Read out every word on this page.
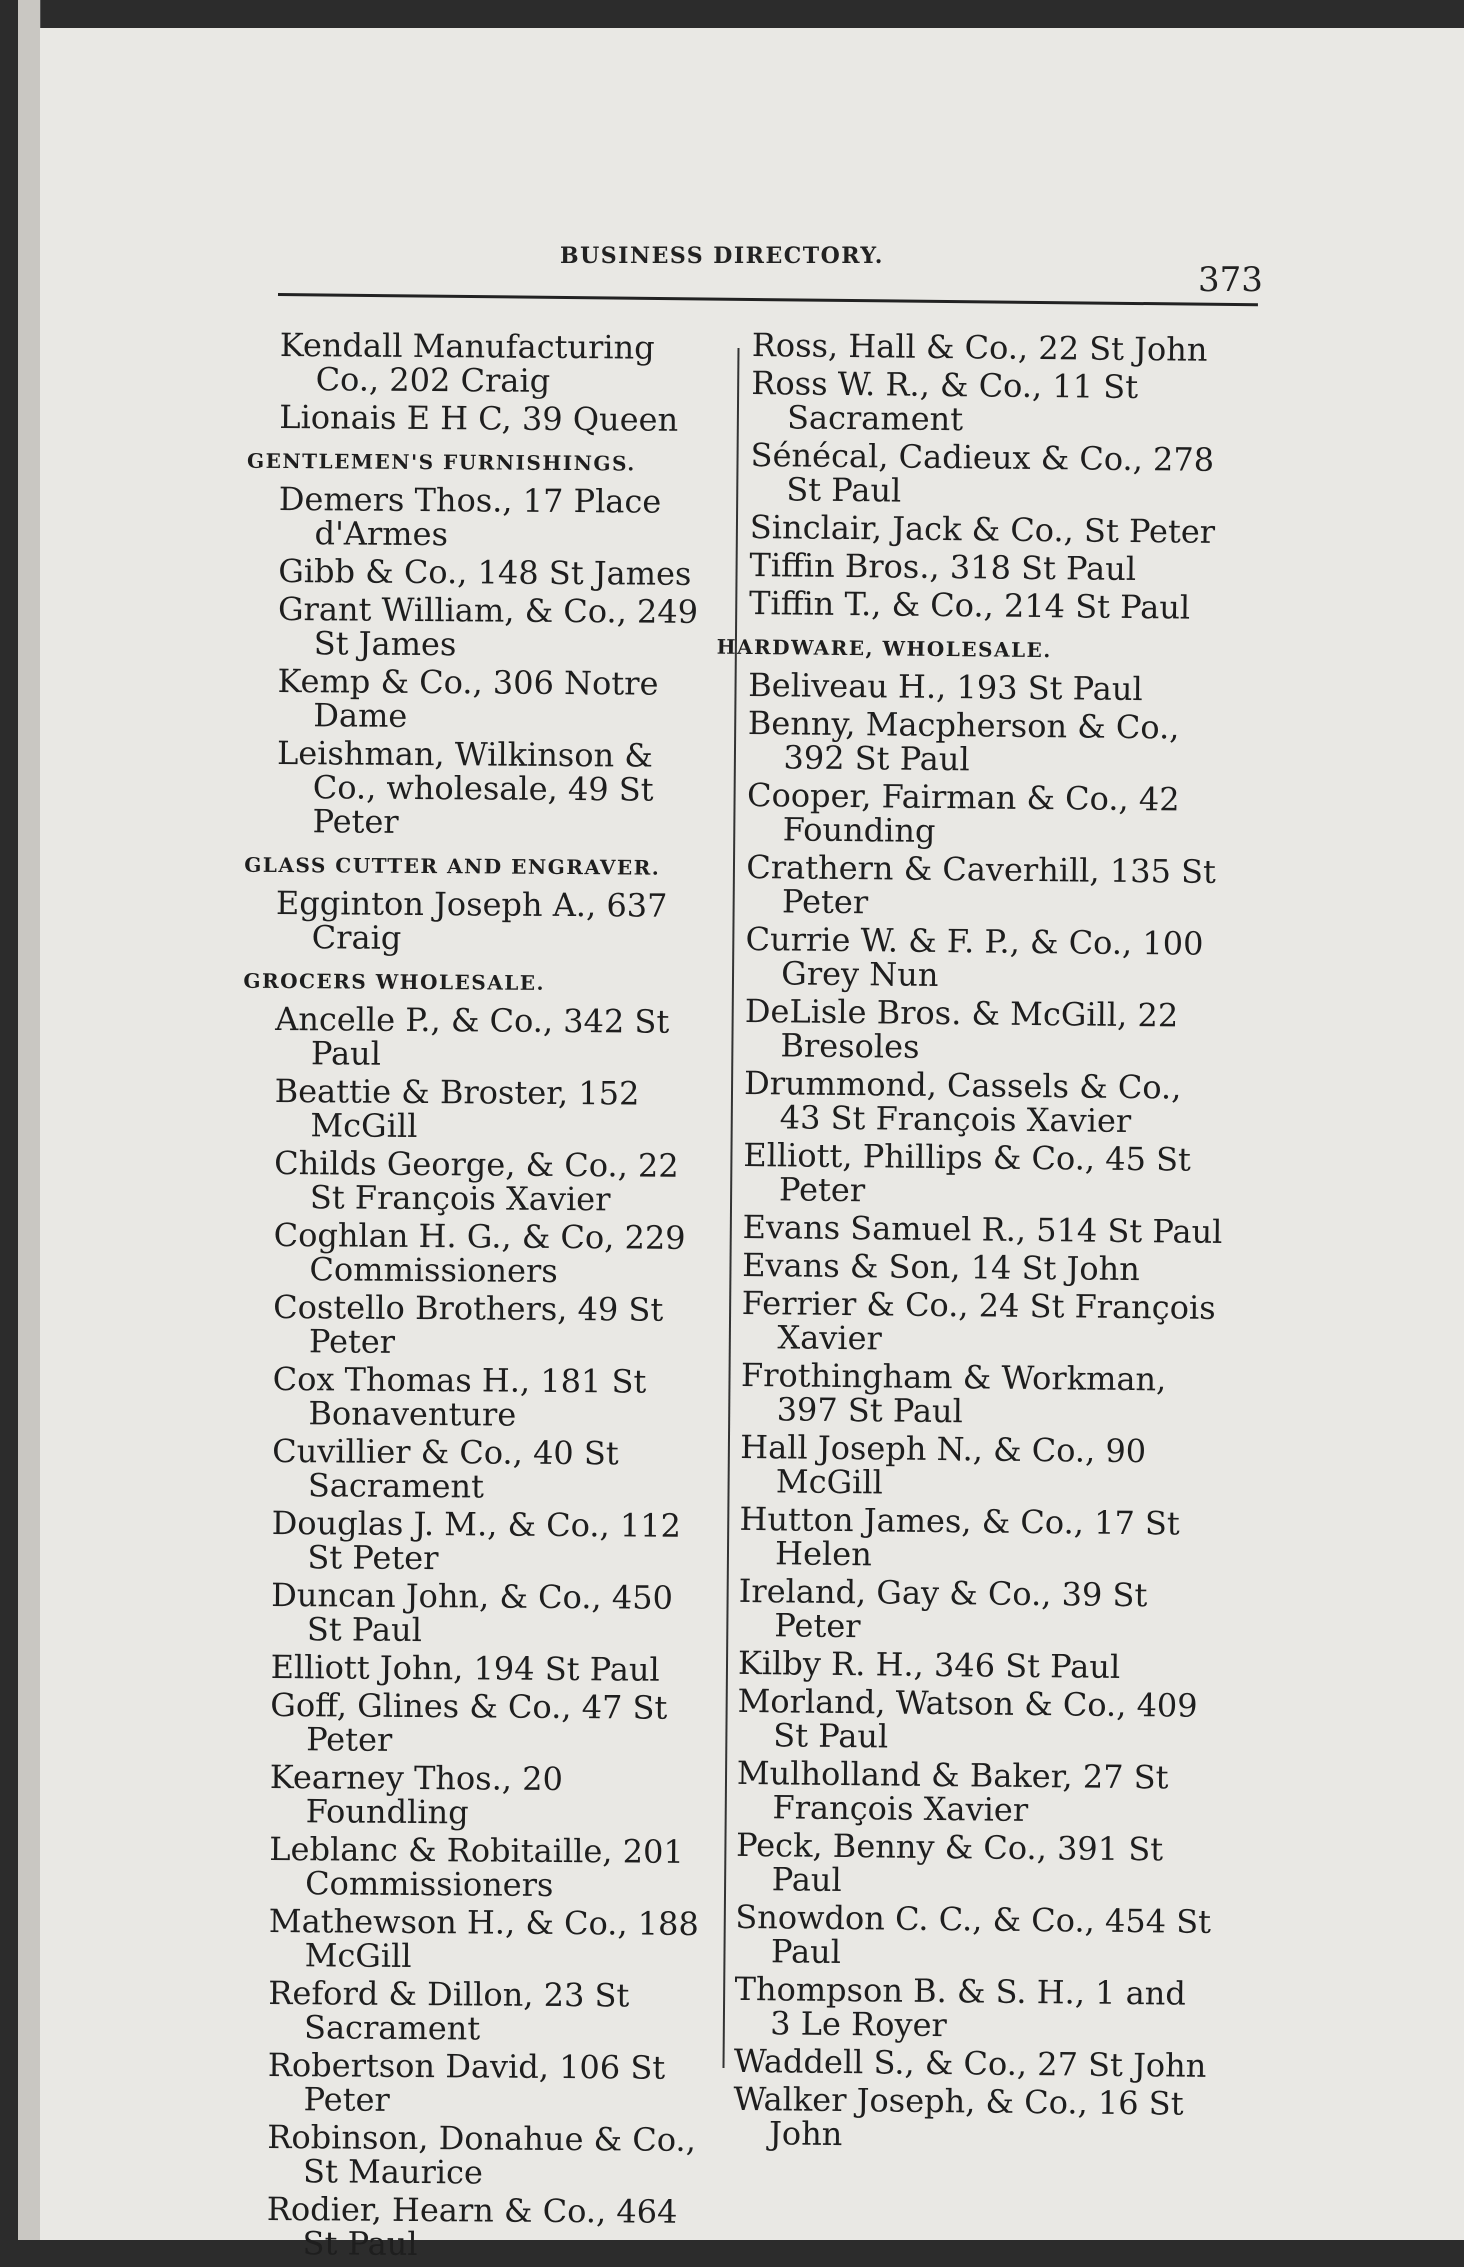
BUSINESS DIRECTORY.
373
Kendall Manufacturing Co., 202 Craig
Lionais E H C, 39 Queen
GENTLEMEN'S FURNISHINGS.
Demers Thos., 17 Place d'Armes
Gibb & Co., 148 St James
Grant William, & Co., 249 St James
Kemp & Co., 306 Notre Dame
Leishman, Wilkinson & Co., wholesale, 49 St Peter
GLASS CUTTER AND ENGRAVER.
Egginton Joseph A., 637 Craig
GROCERS WHOLESALE.
Ancelle P., & Co., 342 St Paul
Beattie & Broster, 152 McGill
Childs George, & Co., 22 St François Xavier
Coghlan H. G., & Co, 229 Commissioners
Costello Brothers, 49 St Peter
Cox Thomas H., 181 St Bonaventure
Cuvillier & Co., 40 St Sacrament
Douglas J. M., & Co., 112 St Peter
Duncan John, & Co., 450 St Paul
Elliott John, 194 St Paul
Goff, Glines & Co., 47 St Peter
Kearney Thos., 20 Foundling
Leblanc & Robitaille, 201 Commissioners
Mathewson H., & Co., 188 McGill
Reford & Dillon, 23 St Sacrament
Robertson David, 106 St Peter
Robinson, Donahue & Co., St Maurice
Rodier, Hearn & Co., 464 St Paul
Ross, Hall & Co., 22 St John
Ross W. R., & Co., 11 St Sacrament
Sénécal, Cadieux & Co., 278 St Paul
Sinclair, Jack & Co., St Peter
Tiffin Bros., 318 St Paul
Tiffin T., & Co., 214 St Paul
HARDWARE, WHOLESALE.
Beliveau H., 193 St Paul
Benny, Macpherson & Co., 392 St Paul
Cooper, Fairman & Co., 42 Founding
Crathern & Caverhill, 135 St Peter
Currie W. & F. P., & Co., 100 Grey Nun
DeLisle Bros. & McGill, 22 Bresoles
Drummond, Cassels & Co., 43 St François Xavier
Elliott, Phillips & Co., 45 St Peter
Evans Samuel R., 514 St Paul
Evans & Son, 14 St John
Ferrier & Co., 24 St François Xavier
Frothingham & Workman, 397 St Paul
Hall Joseph N., & Co., 90 McGill
Hutton James, & Co., 17 St Helen
Ireland, Gay & Co., 39 St Peter
Kilby R. H., 346 St Paul
Morland, Watson & Co., 409 St Paul
Mulholland & Baker, 27 St François Xavier
Peck, Benny & Co., 391 St Paul
Snowdon C. C., & Co., 454 St Paul
Thompson B. & S. H., 1 and 3 Le Royer
Waddell S., & Co., 27 St John
Walker Joseph, & Co., 16 St John
